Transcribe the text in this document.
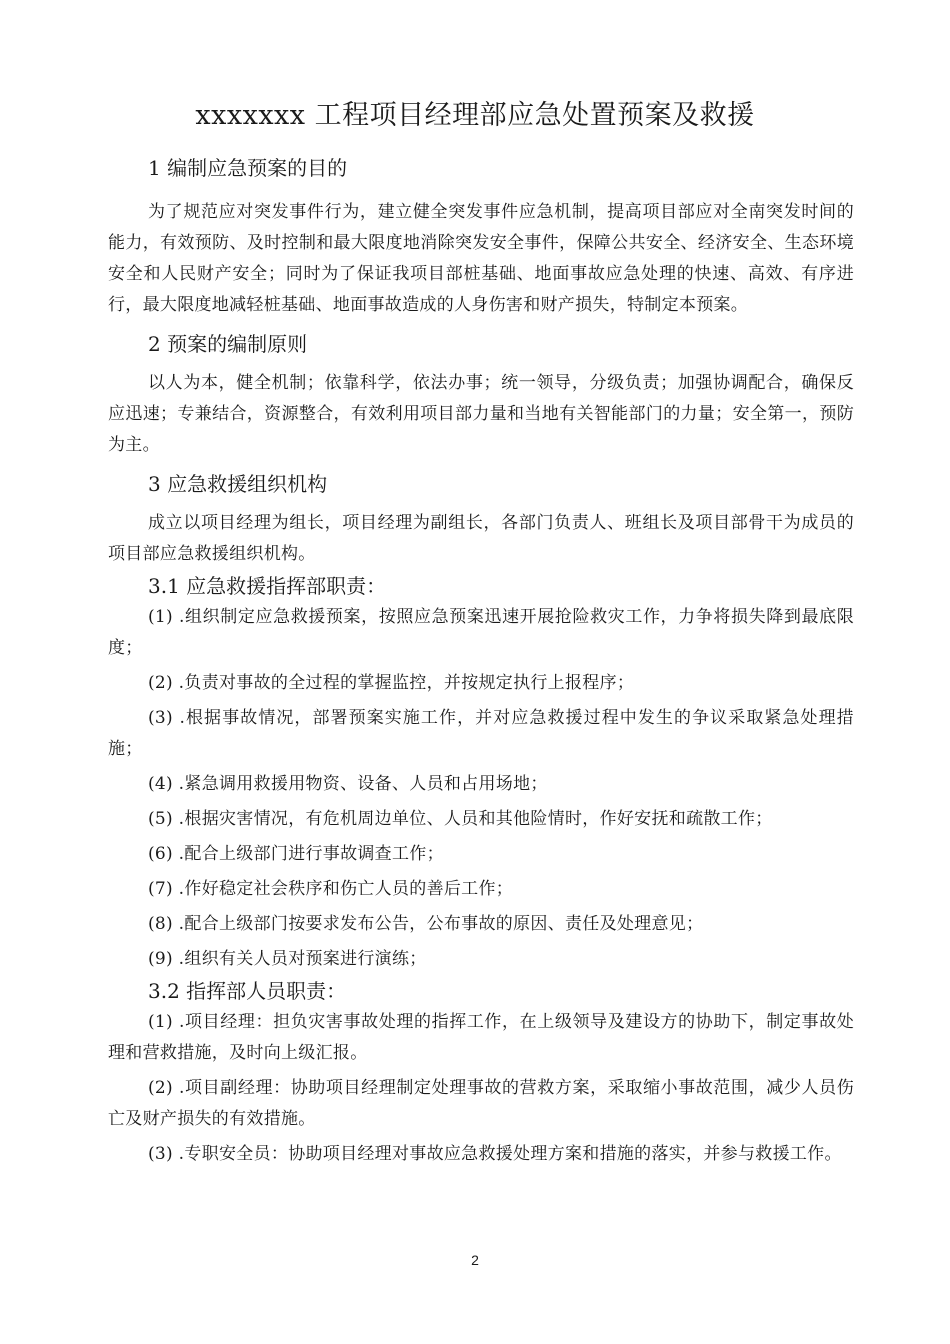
xxxxxxx 工程项目经理部应急处置预案及救援

1 编制应急预案的目的

为了规范应对突发事件行为，建立健全突发事件应急机制，提高项目部应对全南突发时间的能力，有效预防、及时控制和最大限度地消除突发安全事件，保障公共安全、经济安全、生态环境安全和人民财产安全；同时为了保证我项目部桩基础、地面事故应急处理的快速、高效、有序进行，最大限度地减轻桩基础、地面事故造成的人身伤害和财产损失，特制定本预案。

2 预案的编制原则

以人为本，健全机制；依靠科学，依法办事；统一领导，分级负责；加强协调配合，确保反应迅速；专兼结合，资源整合，有效利用项目部力量和当地有关智能部门的力量；安全第一，预防为主。

3 应急救援组织机构

成立以项目经理为组长，项目经理为副组长，各部门负责人、班组长及项目部骨干为成员的项目部应急救援组织机构。

3.1 应急救援指挥部职责：

(1) .组织制定应急救援预案，按照应急预案迅速开展抢险救灾工作，力争将损失降到最底限度；

(2) .负责对事故的全过程的掌握监控，并按规定执行上报程序；

(3) .根据事故情况，部署预案实施工作，并对应急救援过程中发生的争议采取紧急处理措施；

(4) .紧急调用救援用物资、设备、人员和占用场地；

(5) .根据灾害情况，有危机周边单位、人员和其他险情时，作好安抚和疏散工作；

(6) .配合上级部门进行事故调查工作；

(7) .作好稳定社会秩序和伤亡人员的善后工作；

(8) .配合上级部门按要求发布公告，公布事故的原因、责任及处理意见；

(9) .组织有关人员对预案进行演练；

3.2 指挥部人员职责：

(1) .项目经理：担负灾害事故处理的指挥工作，在上级领导及建设方的协助下，制定事故处理和营救措施，及时向上级汇报。

(2) .项目副经理：协助项目经理制定处理事故的营救方案，采取缩小事故范围，减少人员伤亡及财产损失的有效措施。

(3) .专职安全员：协助项目经理对事故应急救援处理方案和措施的落实，并参与救援工作。

2
